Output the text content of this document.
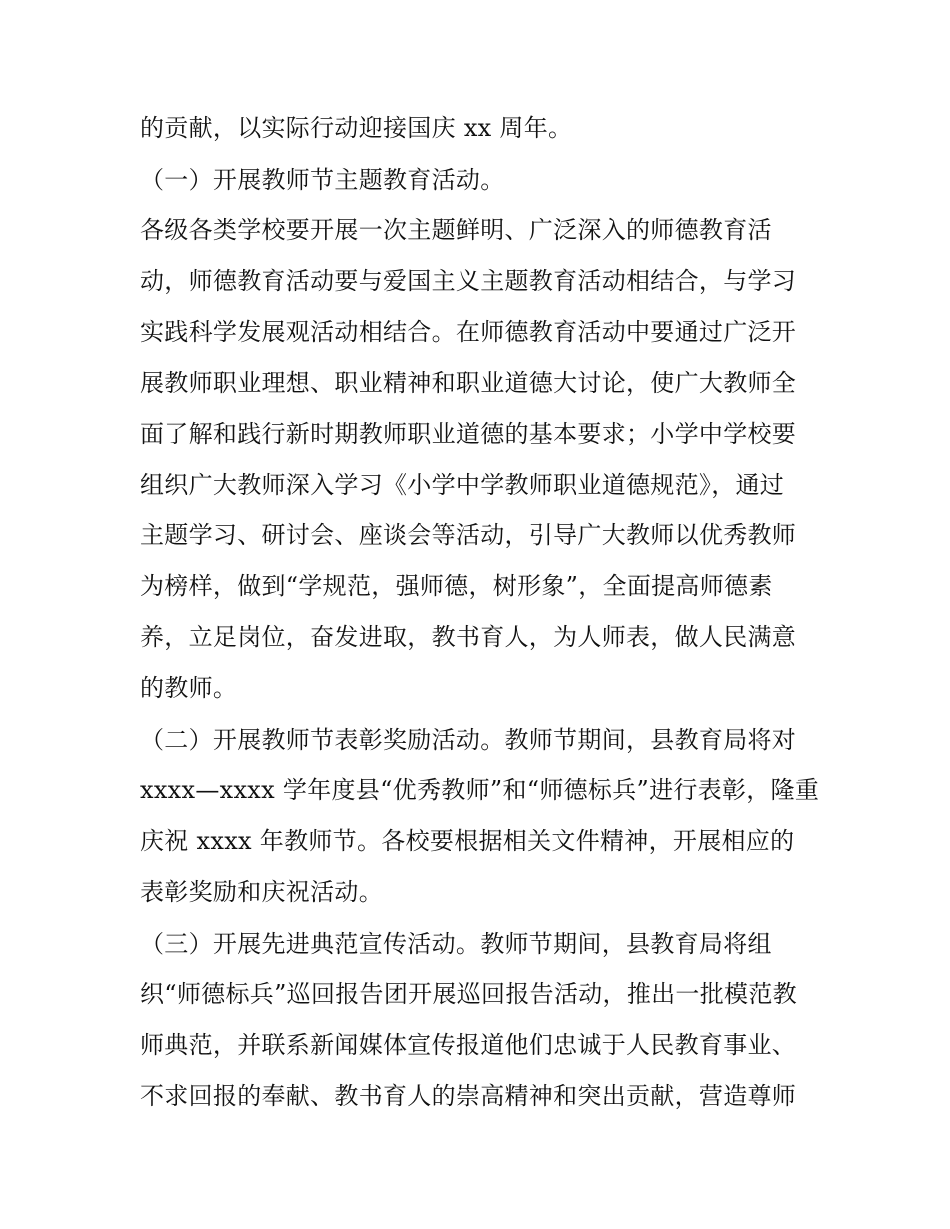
的贡献，以实际行动迎接国庆 xx 周年。

（一）开展教师节主题教育活动。

各级各类学校要开展一次主题鲜明、广泛深入的师德教育活

动，师德教育活动要与爱国主义主题教育活动相结合，与学习

实践科学发展观活动相结合。在师德教育活动中要通过广泛开

展教师职业理想、职业精神和职业道德大讨论，使广大教师全

面了解和践行新时期教师职业道德的基本要求；小学中学校要

组织广大教师深入学习《小学中学教师职业道德规范》，通过

主题学习、研讨会、座谈会等活动，引导广大教师以优秀教师

为榜样，做到“学规范，强师德，树形象”，全面提高师德素

养，立足岗位，奋发进取，教书育人，为人师表，做人民满意

的教师。

（二）开展教师节表彰奖励活动。教师节期间，县教育局将对

xxxx—xxxx 学年度县“优秀教师”和“师德标兵”进行表彰，隆重

庆祝 xxxx 年教师节。各校要根据相关文件精神，开展相应的

表彰奖励和庆祝活动。

（三）开展先进典范宣传活动。教师节期间，县教育局将组

织“师德标兵”巡回报告团开展巡回报告活动，推出一批模范教

师典范，并联系新闻媒体宣传报道他们忠诚于人民教育事业、

不求回报的奉献、教书育人的崇高精神和突出贡献，营造尊师
